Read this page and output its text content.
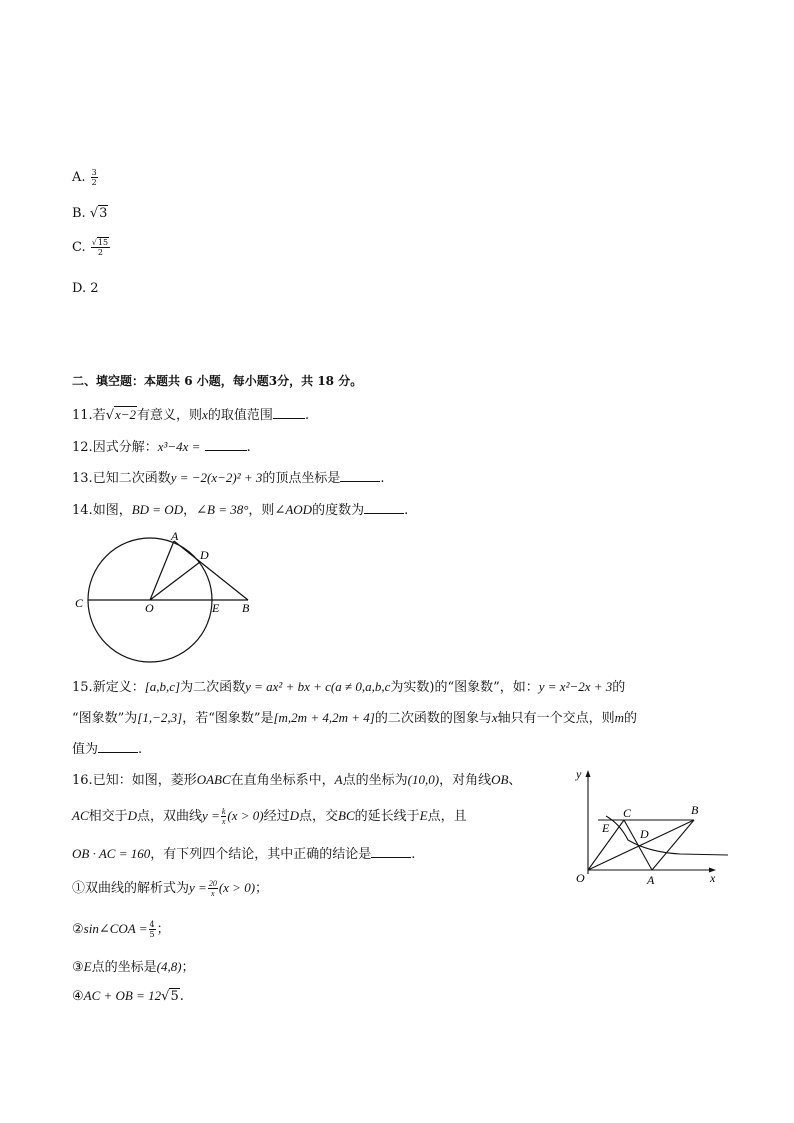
A. $\frac{3}{2}$
B. √3
C. $\frac{√15}{2}$
D. 2
二、填空题：本题共 6 小题，每小题3分，共 18 分。
11.若√x−2有意义，则x的取值范围 .
12.因式分解：x³−4x =	.
13.已知二次函数y = −2(x−2)² + 3的顶点坐标是	.
14.如图，BD = OD，∠B = 38°，则∠AOD的度数为	.
A
D
C	O	E B
15.新定义：[a,b,c]为二次函数y = ax² + bx + c(a ≠ 0,a,b,c为实数)的“图象数”，如：y = x²−2x + 3的
“图象数”为[1,−2,3]，若“图象数”是[m,2m + 4,2m + 4]的二次函数的图象与x轴只有一个交点，则m的
值为	.
16.已知：如图，菱形OABC在直角坐标系中，A点的坐标为(10,0)，对角线OB、
AC相交于D点，双曲线$y = \frac{k}{x} (x > 0)$经过D点，交BC的延长线于E点，且
OB · AC = 160，有下列四个结论，其中正确的结论是	.
①双曲线的解析式为$y = \frac{20}{x} (x > 0)$；
②sin∠COA = $\frac{4}{5}$ ；
③E点的坐标是(4,8)；
④AC + OB = 12√5.
y
C	B
E	D
O	A	x
